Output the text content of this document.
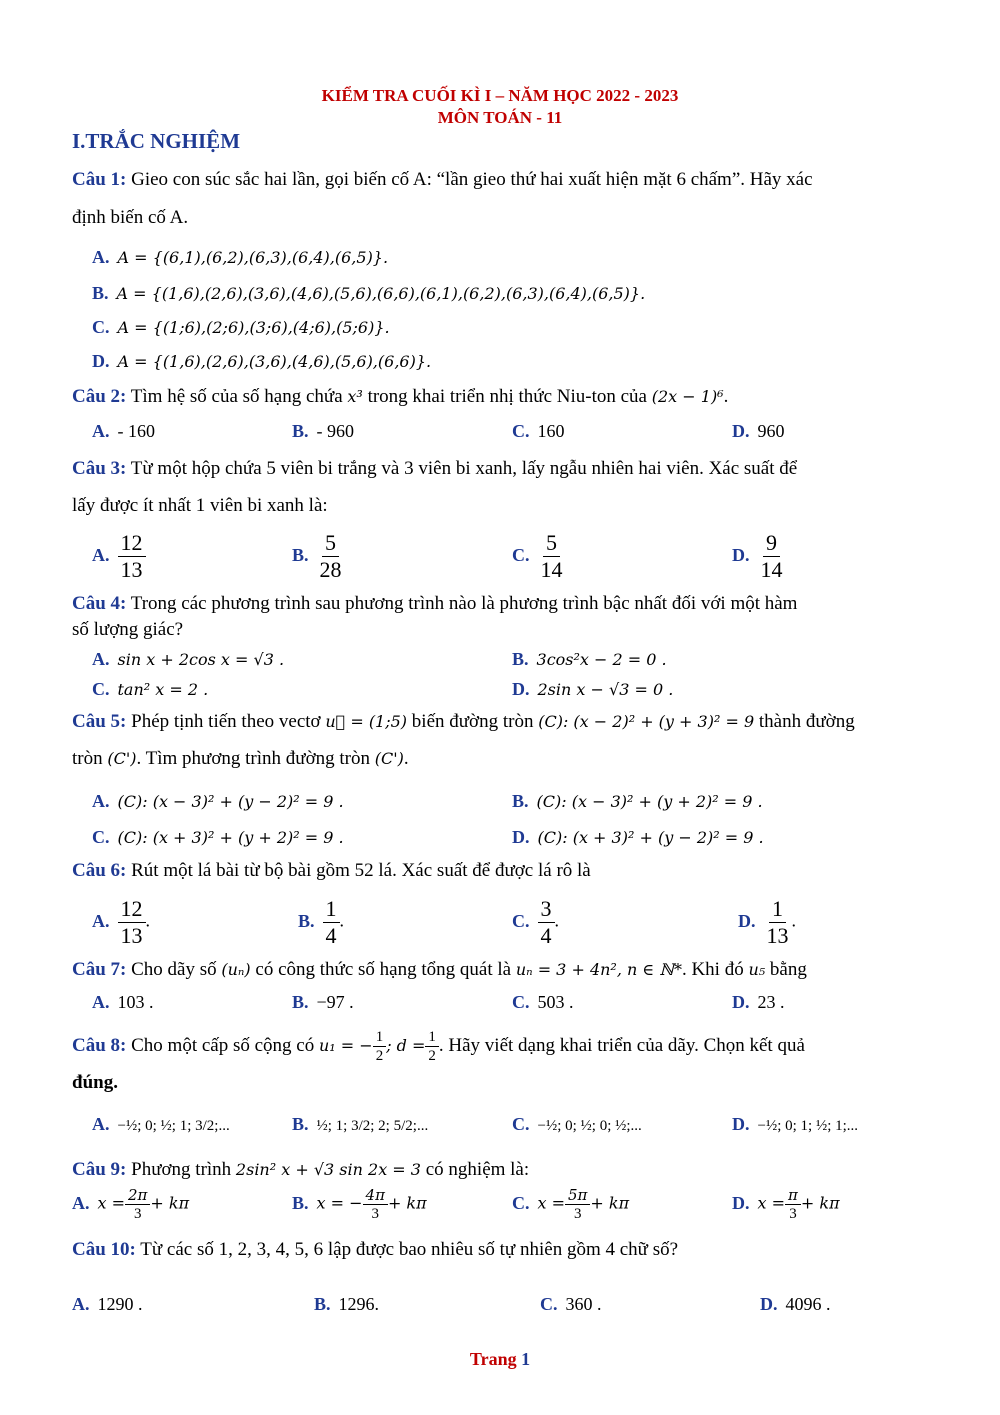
KIỂM TRA CUỐI KÌ I – NĂM HỌC 2022 - 2023
MÔN TOÁN - 11
I.TRẮC NGHIỆM
Câu 1: Gieo con súc sắc hai lần, gọi biến cố A: “lần gieo thứ hai xuất hiện mặt 6 chấm”. Hãy xác
định biến cố A.
A. A = {(6,1),(6,2),(6,3),(6,4),(6,5)}.
B. A = {(1,6),(2,6),(3,6),(4,6),(5,6),(6,6),(6,1),(6,2),(6,3),(6,4),(6,5)}.
C. A = {(1;6),(2;6),(3;6),(4;6),(5;6)}.
D. A = {(1,6),(2,6),(3,6),(4,6),(5,6),(6,6)}.
Câu 2: Tìm hệ số của số hạng chứa x³ trong khai triển nhị thức Niu-ton của (2x − 1)⁶.
A. - 160	B. - 960	C. 160	D. 960
Câu 3: Từ một hộp chứa 5 viên bi trắng và 3 viên bi xanh, lấy ngẫu nhiên hai viên. Xác suất để
lấy được ít nhất 1 viên bi xanh là:
A. $\frac{12}{13}$	B. $\frac{5}{28}$	C. $\frac{5}{14}$	D. $\frac{9}{14}$
Câu 4: Trong các phương trình sau phương trình nào là phương trình bậc nhất đối với một hàm
số lượng giác?
A. sin x + 2cos x = √3 .	B. 3cos²x − 2 = 0 .
C. tan² x = 2 .	D. 2sin x − √3 = 0 .
Câu 5: Phép tịnh tiến theo vectơ u⃗ = (1;5) biến đường tròn (C): (x − 2)² + (y + 3)² = 9 thành đường
tròn (C'). Tìm phương trình đường tròn (C').
A. (C): (x − 3)² + (y − 2)² = 9 .	B. (C): (x − 3)² + (y + 2)² = 9 .
C. (C): (x + 3)² + (y + 2)² = 9 .	D. (C): (x + 3)² + (y − 2)² = 9 .
Câu 6: Rút một lá bài từ bộ bài gồm 52 lá. Xác suất để được lá rô là
A. $\frac{12}{13}$ .	B. $\frac{1}{4}$ .	C. $\frac{3}{4}$ .	D. $\frac{1}{13}$ .
Câu 7: Cho dãy số (uₙ) có công thức số hạng tổng quát là uₙ = 3 + 4n², n ∈ ℕ*. Khi đó u₅ bằng
A. 103 .	B. −97 .	C. 503 .	D. 23 .
Câu 8: Cho một cấp số cộng có u₁ = − $\frac{1}{2}$ ; $d = \frac{1}{2}$ . Hãy viết dạng khai triển của dãy. Chọn kết quả
đúng.
A. −½; 0; ½; 1; 3/2;...	B. ½; 1; 3/2; 2; 5/2;...	C. −½; 0; ½; 0; ½;...	D. −½; 0; 1; ½; 1;...
Câu 9: Phương trình 2sin² x + √3 sin 2x = 3 có nghiệm là:
A. $x = \frac{2\pi}{3} + k\pi$	B. x = − $\frac{4\pi}{3} + k\pi$	C. $x = \frac{5\pi}{3} + k\pi$	D. $x = \frac{\pi}{3} + k\pi$
Câu 10: Từ các số 1, 2, 3, 4, 5, 6 lập được bao nhiêu số tự nhiên gồm 4 chữ số?
A. 1290 .	B. 1296.	C. 360 .	D. 4096 .
Trang 1
